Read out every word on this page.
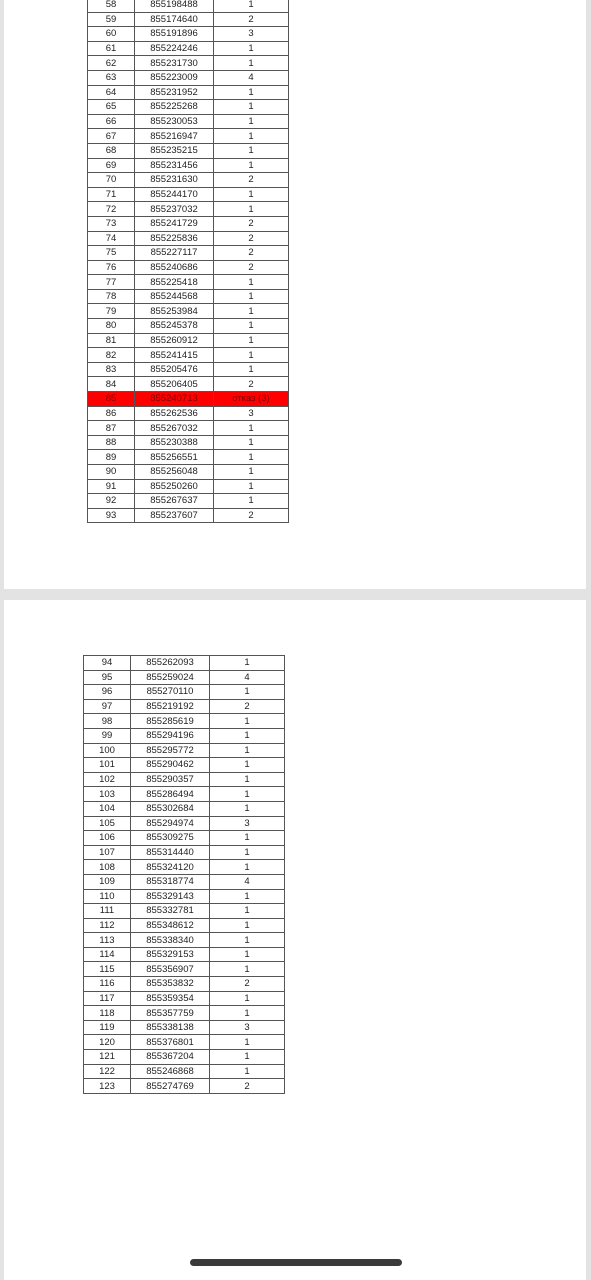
58	855198488	1
59	855174640	2
60	855191896	3
61	855224246	1
62	855231730	1
63	855223009	4
64	855231952	1
65	855225268	1
66	855230053	1
67	855216947	1
68	855235215	1
69	855231456	1
70	855231630	2
71	855244170	1
72	855237032	1
73	855241729	2
74	855225836	2
75	855227117	2
76	855240686	2
77	855225418	1
78	855244568	1
79	855253984	1
80	855245378	1
81	855260912	1
82	855241415	1
83	855205476	1
84	855206405	2
85	855240713	отказ (3)
86	855262536	3
87	855267032	1
88	855230388	1
89	855256551	1
90	855256048	1
91	855250260	1
92	855267637	1
93	855237607	2
94	855262093	1
95	855259024	4
96	855270110	1
97	855219192	2
98	855285619	1
99	855294196	1
100	855295772	1
101	855290462	1
102	855290357	1
103	855286494	1
104	855302684	1
105	855294974	3
106	855309275	1
107	855314440	1
108	855324120	1
109	855318774	4
110	855329143	1
111	855332781	1
112	855348612	1
113	855338340	1
114	855329153	1
115	855356907	1
116	855353832	2
117	855359354	1
118	855357759	1
119	855338138	3
120	855376801	1
121	855367204	1
122	855246868	1
123	855274769	2
